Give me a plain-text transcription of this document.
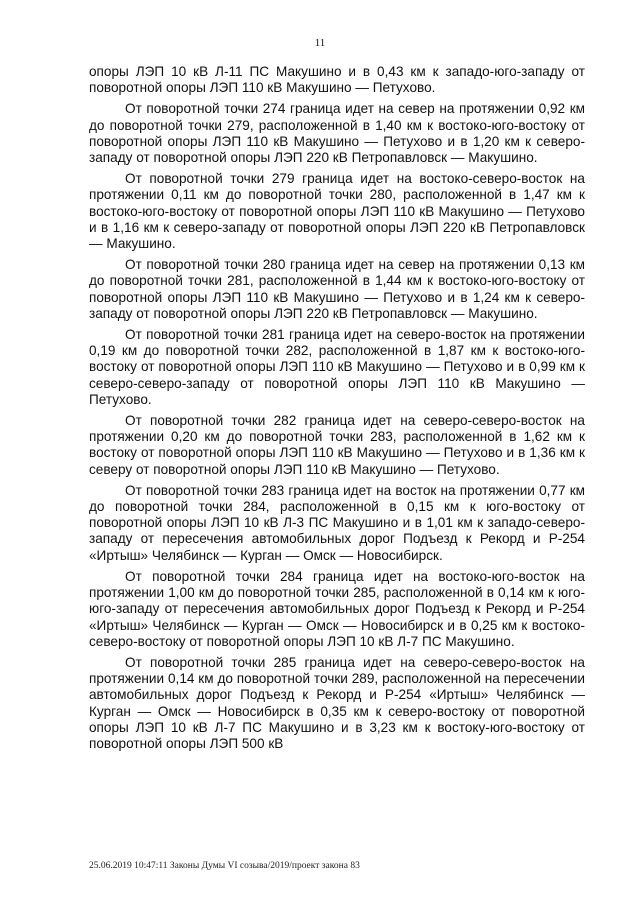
11

опоры ЛЭП 10 кВ Л-11 ПС Макушино и в 0,43 км к западо-юго-западу от поворотной опоры ЛЭП 110 кВ Макушино — Петухово.

От поворотной точки 274 граница идет на север на протяжении 0,92 км до поворотной точки 279, расположенной в 1,40 км к востоко-юго-востоку от поворотной опоры ЛЭП 110 кВ Макушино — Петухово и в 1,20 км к северо-западу от поворотной опоры ЛЭП 220 кВ Петропавловск — Макушино.

От поворотной точки 279 граница идет на востоко-северо-восток на протяжении 0,11 км до поворотной точки 280, расположенной в 1,47 км к востоко-юго-востоку от поворотной опоры ЛЭП 110 кВ Макушино — Петухово и в 1,16 км к северо-западу от поворотной опоры ЛЭП 220 кВ Петропавловск — Макушино.

От поворотной точки 280 граница идет на север на протяжении 0,13 км до поворотной точки 281, расположенной в 1,44 км к востоко-юго-востоку от поворотной опоры ЛЭП 110 кВ Макушино — Петухово и в 1,24 км к северо-западу от поворотной опоры ЛЭП 220 кВ Петропавловск — Макушино.

От поворотной точки 281 граница идет на северо-восток на протяжении 0,19 км до поворотной точки 282, расположенной в 1,87 км к востоко-юго-востоку от поворотной опоры ЛЭП 110 кВ Макушино — Петухово и в 0,99 км к северо-северо-западу от поворотной опоры ЛЭП 110 кВ Макушино — Петухово.

От поворотной точки 282 граница идет на северо-северо-восток на протяжении 0,20 км до поворотной точки 283, расположенной в 1,62 км к востоку от поворотной опоры ЛЭП 110 кВ Макушино — Петухово и в 1,36 км к северу от поворотной опоры ЛЭП 110 кВ Макушино — Петухово.

От поворотной точки 283 граница идет на восток на протяжении 0,77 км до поворотной точки 284, расположенной в 0,15 км к юго-востоку от поворотной опоры ЛЭП 10 кВ Л-3 ПС Макушино и в 1,01 км к западо-северо-западу от пересечения автомобильных дорог Подъезд к Рекорд и Р-254 «Иртыш» Челябинск — Курган — Омск — Новосибирск.

От поворотной точки 284 граница идет на востоко-юго-восток на протяжении 1,00 км до поворотной точки 285, расположенной в 0,14 км к юго-юго-западу от пересечения автомобильных дорог Подъезд к Рекорд и Р-254 «Иртыш» Челябинск — Курган — Омск — Новосибирск и в 0,25 км к востоко-северо-востоку от поворотной опоры ЛЭП 10 кВ Л-7 ПС Макушино.

От поворотной точки 285 граница идет на северо-северо-восток на протяжении 0,14 км до поворотной точки 289, расположенной на пересечении автомобильных дорог Подъезд к Рекорд и Р-254 «Иртыш» Челябинск — Курган — Омск — Новосибирск в 0,35 км к северо-востоку от поворотной опоры ЛЭП 10 кВ Л-7 ПС Макушино и в 3,23 км к востоку-юго-востоку от поворотной опоры ЛЭП 500 кВ

25.06.2019 10:47:11 Законы Думы VI созыва/2019/проект закона 83
